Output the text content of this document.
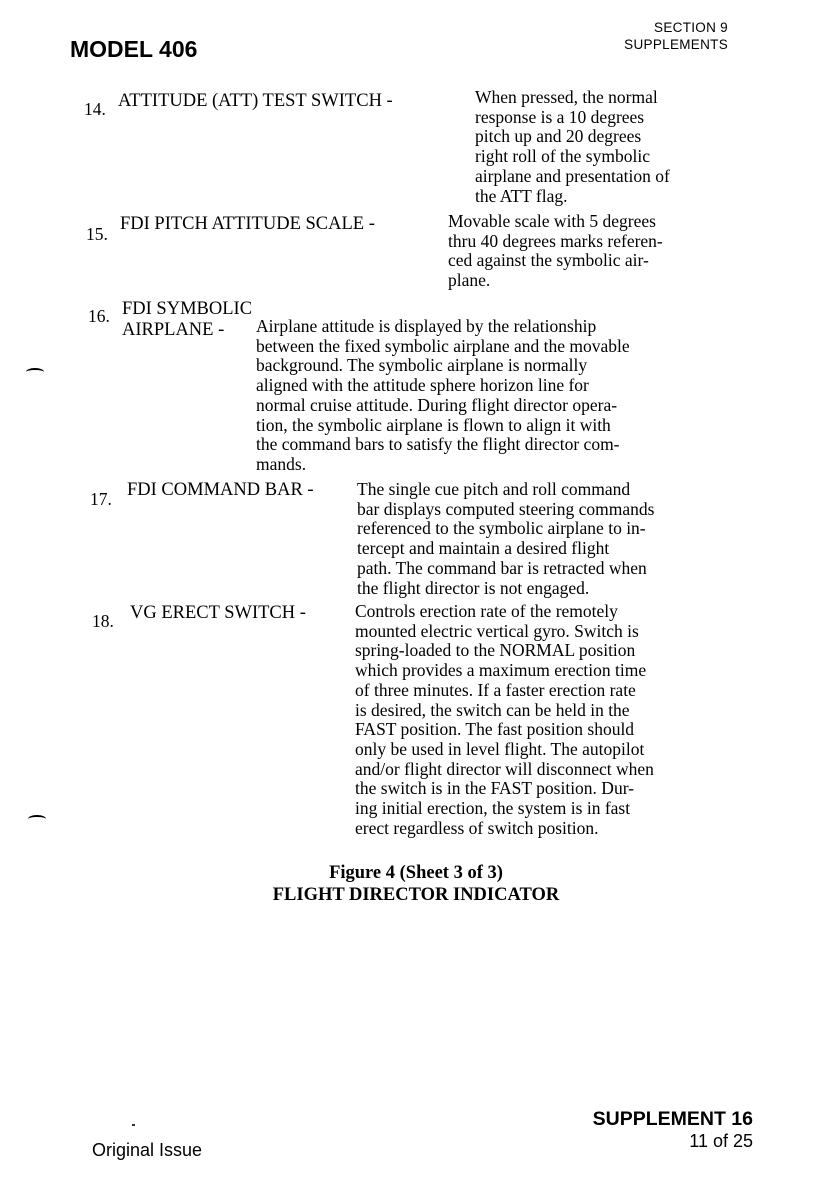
MODEL 406
SECTION 9
SUPPLEMENTS
14. ATTITUDE (ATT) TEST SWITCH -	When pressed, the normal
response is a 10 degrees
pitch up and 20 degrees
right roll of the symbolic
airplane and presentation of
the ATT flag.
15. FDI PITCH ATTITUDE SCALE -	Movable scale with 5 degrees
thru 40 degrees marks referen-
ced against the symbolic air-
plane.
16. FDI SYMBOLIC
AIRPLANE - Airplane attitude is displayed by the relationship
between the fixed symbolic airplane and the movable
background. The symbolic airplane is normally
aligned with the attitude sphere horizon line for
normal cruise attitude. During flight director opera-
tion, the symbolic airplane is flown to align it with
the command bars to satisfy the flight director com-
mands.
17. FDI COMMAND BAR - The single cue pitch and roll command
bar displays computed steering commands
referenced to the symbolic airplane to in-
tercept and maintain a desired flight
path. The command bar is retracted when
the flight director is not engaged.
18. VG ERECT SWITCH -	Controls erection rate of the remotely
mounted electric vertical gyro. Switch is
spring-loaded to the NORMAL position
which provides a maximum erection time
of three minutes. If a faster erection rate
is desired, the switch can be held in the
FAST position. The fast position should
only be used in level flight. The autopilot
and/or flight director will disconnect when
the switch is in the FAST position. Dur-
ing initial erection, the system is in fast
erect regardless of switch position.
Figure 4 (Sheet 3 of 3)
FLIGHT DIRECTOR INDICATOR
SUPPLEMENT 16
11 of 25
Original Issue
